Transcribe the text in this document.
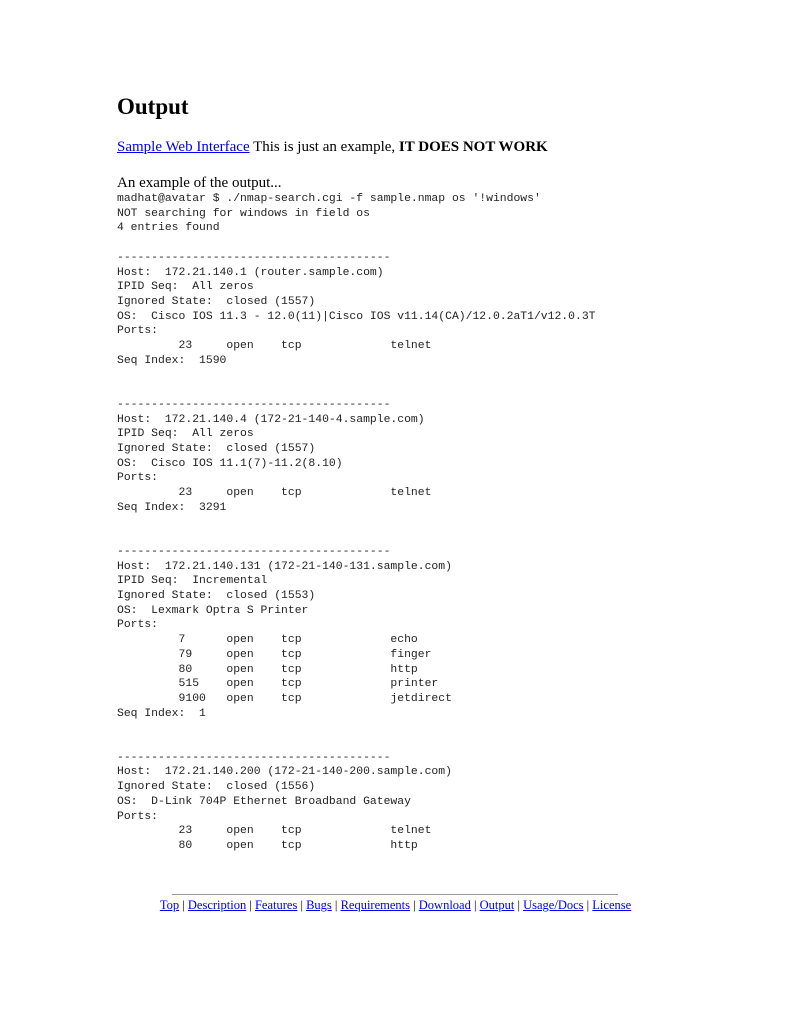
Output

Sample Web Interface This is just an example, IT DOES NOT WORK

An example of the output...

madhat@avatar $ ./nmap-search.cgi -f sample.nmap os '!windows'
NOT searching for windows in field os
4 entries found

----------------------------------------
Host:  172.21.140.1 (router.sample.com)
IPID Seq:  All zeros
Ignored State:  closed (1557)
OS:  Cisco IOS 11.3 - 12.0(11)|Cisco IOS v11.14(CA)/12.0.2aT1/v12.0.3T
Ports:
23     open    tcp             telnet
Seq Index:  1590

----------------------------------------
Host:  172.21.140.4 (172-21-140-4.sample.com)
IPID Seq:  All zeros
Ignored State:  closed (1557)
OS:  Cisco IOS 11.1(7)-11.2(8.10)
Ports:
23     open    tcp             telnet
Seq Index:  3291

----------------------------------------
Host:  172.21.140.131 (172-21-140-131.sample.com)
IPID Seq:  Incremental
Ignored State:  closed (1553)
OS:  Lexmark Optra S Printer
Ports:
7      open    tcp             echo
79     open    tcp             finger
80     open    tcp             http
515    open    tcp             printer
9100   open    tcp             jetdirect
Seq Index:  1

----------------------------------------
Host:  172.21.140.200 (172-21-140-200.sample.com)
Ignored State:  closed (1556)
OS:  D-Link 704P Ethernet Broadband Gateway
Ports:
23     open    tcp             telnet
80     open    tcp             http
Top | Description | Features | Bugs | Requirements | Download | Output | Usage/Docs | License
